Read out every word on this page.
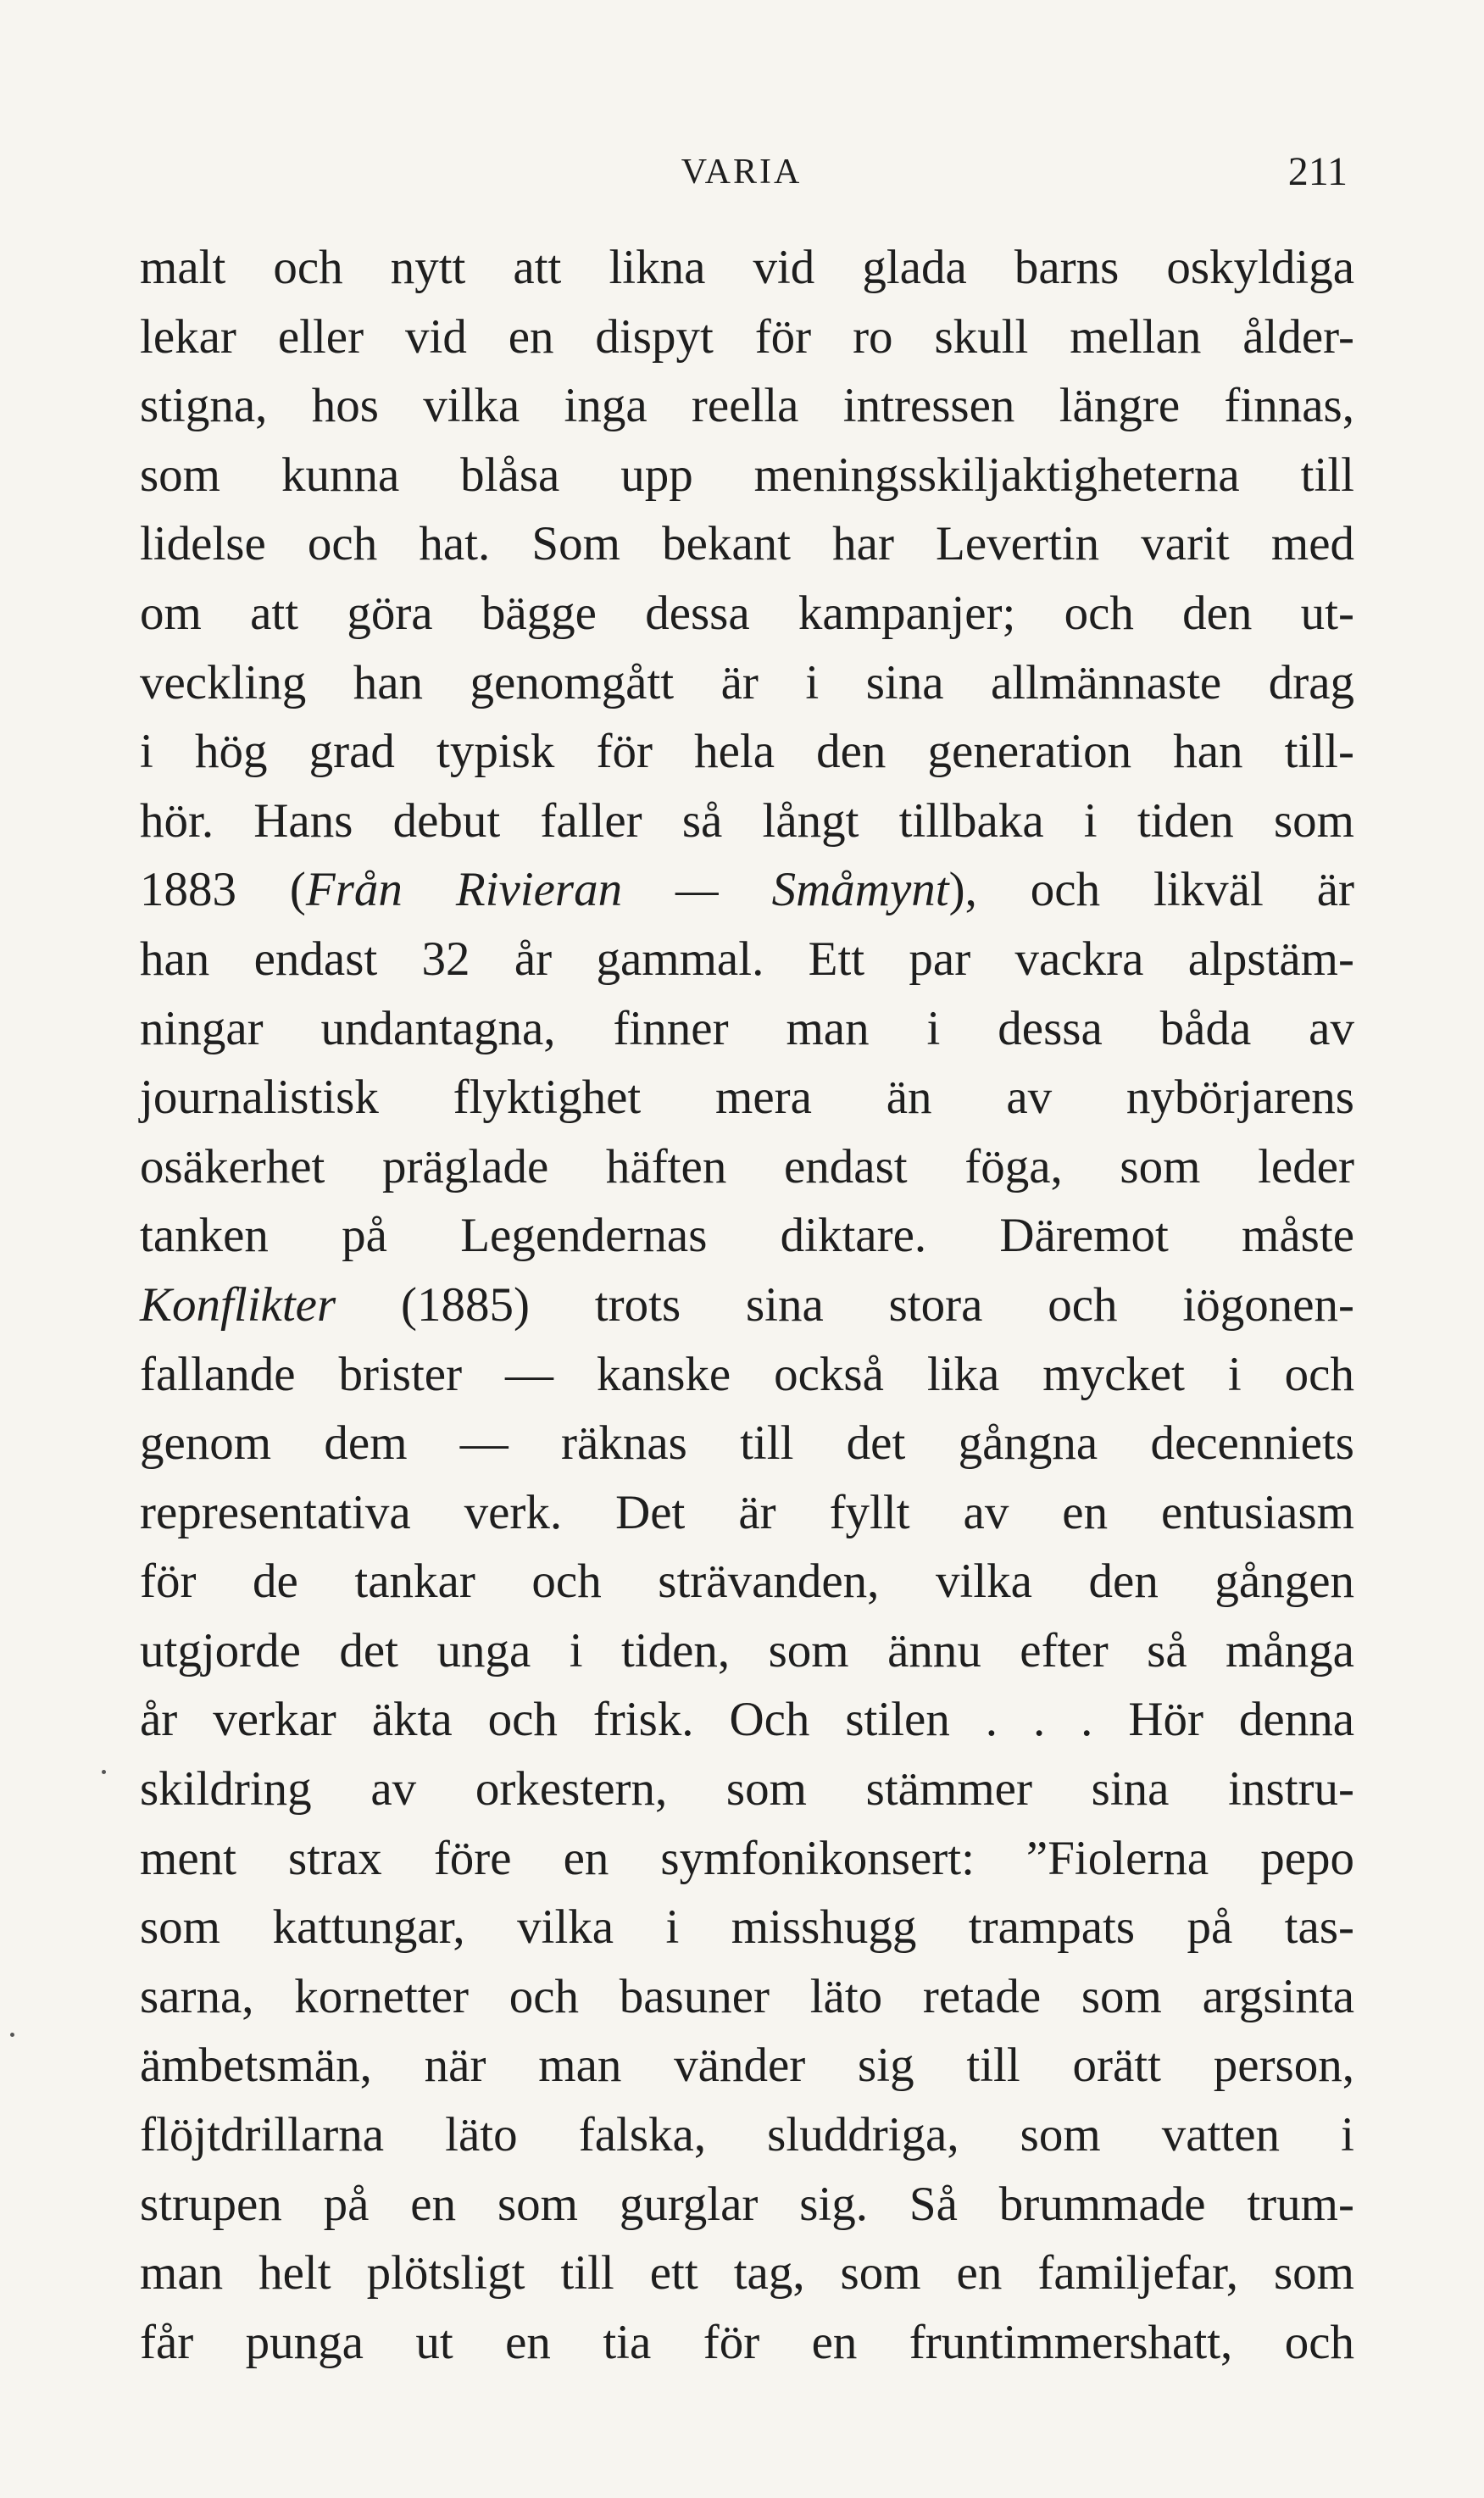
VARIA	211
malt och nytt att likna vid glada barns oskyldiga
lekar eller vid en dispyt för ro skull mellan ålder-
stigna, hos vilka inga reella intressen längre finnas,
som kunna blåsa upp meningsskiljaktigheterna till
lidelse och hat. Som bekant har Levertin varit med
om att göra bägge dessa kampanjer; och den ut-
veckling han genomgått är i sina allmännaste drag
i hög grad typisk för hela den generation han till-
hör. Hans debut faller så långt tillbaka i tiden som
1883 (Från Rivieran — Småmynt), och likväl är
han endast 32 år gammal. Ett par vackra alpstäm-
ningar undantagna, finner man i dessa båda av
journalistisk flyktighet mera än av nybörjarens
osäkerhet präglade häften endast föga, som leder
tanken på Legendernas diktare. Däremot måste
Konflikter (1885) trots sina stora och iögonen-
fallande brister — kanske också lika mycket i och
genom dem — räknas till det gångna decenniets
representativa verk. Det är fyllt av en entusiasm
för de tankar och strävanden, vilka den gången
utgjorde det unga i tiden, som ännu efter så många
år verkar äkta och frisk. Och stilen . . . Hör denna
skildring av orkestern, som stämmer sina instru-
ment strax före en symfonikonsert: ”Fiolerna pepo
som kattungar, vilka i misshugg trampats på tas-
sarna, kornetter och basuner läto retade som argsinta
ämbetsmän, när man vänder sig till orätt person,
flöjtdrillarna läto falska, sluddriga, som vatten i
strupen på en som gurglar sig. Så brummade trum-
man helt plötsligt till ett tag, som en familjefar, som
får punga ut en tia för en fruntimmershatt, och
